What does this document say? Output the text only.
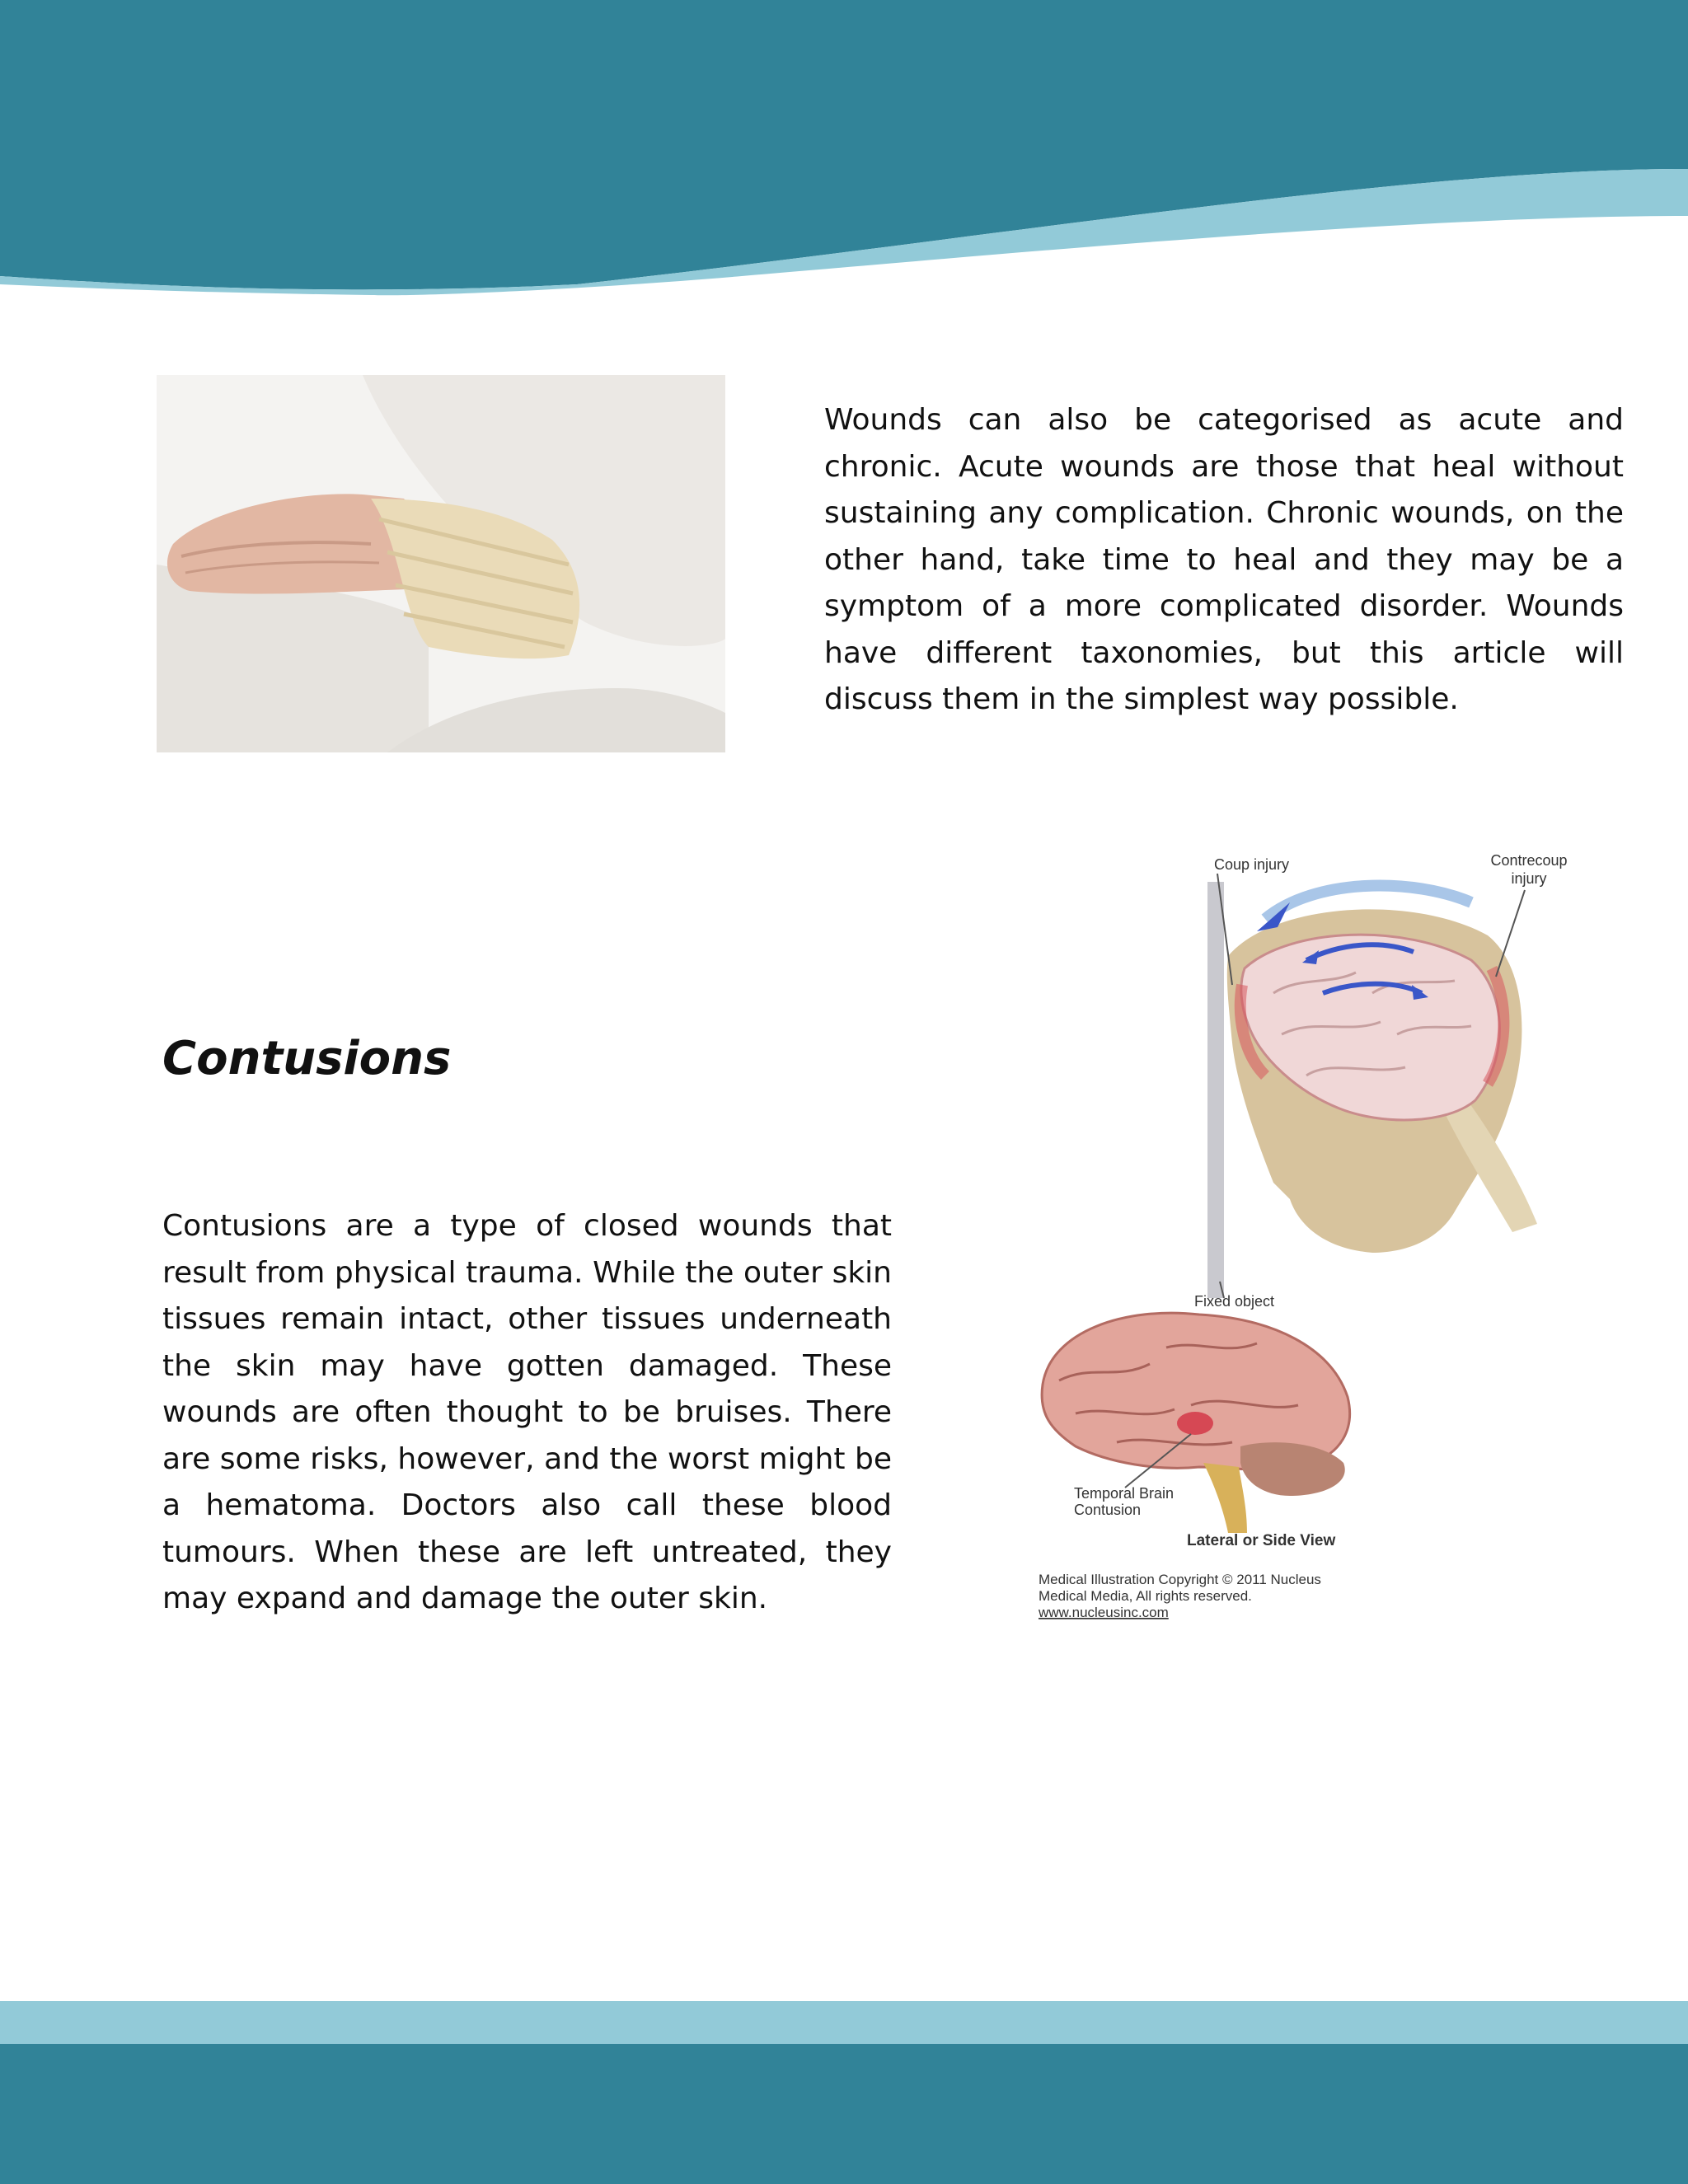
Wounds can also be categorised as acute and chronic. Acute wounds are those that heal without sustaining any complication. Chronic wounds, on the other hand, take time to heal and they may be a symptom of a more complicated disorder. Wounds have different taxonomies, but this article will discuss them in the simplest way possible.

Contusions

Contusions are a type of closed wounds that result from physical trauma. While the outer skin tissues remain intact, other tissues underneath the skin may have gotten damaged. These wounds are often thought to be bruises. There are some risks, however, and the worst might be a hematoma. Doctors also call these blood tumours. When these are left untreated, they may expand and damage the outer skin.

Coup injury	Contrecoup
injury
Fixed object
Temporal Brain
Contusion
Lateral or Side View
Medical Illustration Copyright © 2011 Nucleus
Medical Media, All rights reserved.
www.nucleusinc.com
